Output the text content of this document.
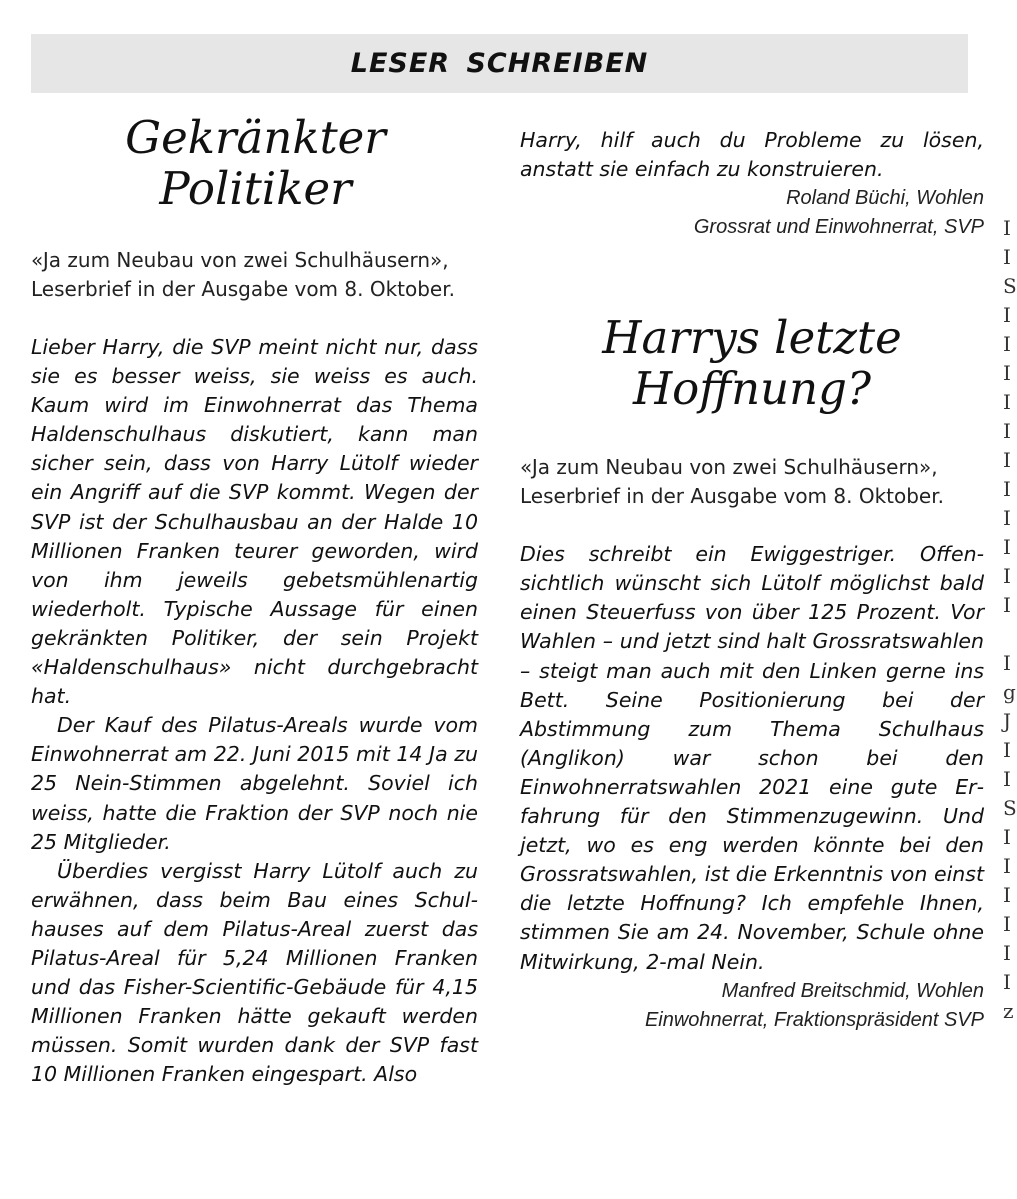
LESER SCHREIBEN
Gekränkter
Politiker

«Ja zum Neubau von zwei Schulhäusern»,
Leserbrief in der Ausgabe vom 8. Oktober.

Lieber Harry, die SVP meint nicht nur, dass sie es besser weiss, sie weiss es auch. Kaum wird im Einwohnerrat das Thema Haldenschulhaus diskutiert, kann man sicher sein, dass von Harry Lütolf wieder ein Angriff auf die SVP kommt. Wegen der SVP ist der Schulhausbau an der Halde 10 Millionen Franken teurer geworden, wird von ihm jeweils gebetsmühlenartig wiederholt. Typische Aussage für einen gekränkten Politiker, der sein Projekt «Haldenschulhaus» nicht durchgebracht hat.

Der Kauf des Pilatus-Areals wurde vom Einwohnerrat am 22. Juni 2015 mit 14 Ja zu 25 Nein-Stimmen abgelehnt. Soviel ich weiss, hatte die Fraktion der SVP noch nie 25 Mitglieder.

Überdies vergisst Harry Lütolf auch zu erwähnen, dass beim Bau eines Schulhauses auf dem Pilatus-Areal zuerst das Pilatus-Areal für 5,24 Millionen Franken und das Fisher-Scientific-Gebäude für 4,15 Millionen Franken hätte gekauft werden müssen. Somit wurden dank der SVP fast 10 Millionen Franken eingespart. Also

Harry, hilf auch du Probleme zu lösen, anstatt sie einfach zu konstruieren.

Roland Büchi, Wohlen

Grossrat und Einwohnerrat, SVP

Harrys letzte
Hoffnung?

«Ja zum Neubau von zwei Schulhäusern»,
Leserbrief in der Ausgabe vom 8. Oktober.

Dies schreibt ein Ewiggestriger. Offensichtlich wünscht sich Lütolf möglichst bald einen Steuerfuss von über 125 Prozent. Vor Wahlen – und jetzt sind halt Grossratswahlen – steigt man auch mit den Linken gerne ins Bett. Seine Positionierung bei der Abstimmung zum Thema Schulhaus (Anglikon) war schon bei den Einwohnerratswahlen 2021 eine gute Erfahrung für den Stimmenzugewinn. Und jetzt, wo es eng werden könnte bei den Grossratswahlen, ist die Erkenntnis von einst die letzte Hoffnung? Ich empfehle Ihnen, stimmen Sie am 24. November, Schule ohne Mitwirkung, 2-mal Nein.

Manfred Breitschmid, Wohlen

Einwohnerrat, Fraktionspräsident SVP

I
I
S
I
I
I
I
I
I
I
I
I
I
I

I
g
J
I
I
S
I
I
I
I
I
I
z
